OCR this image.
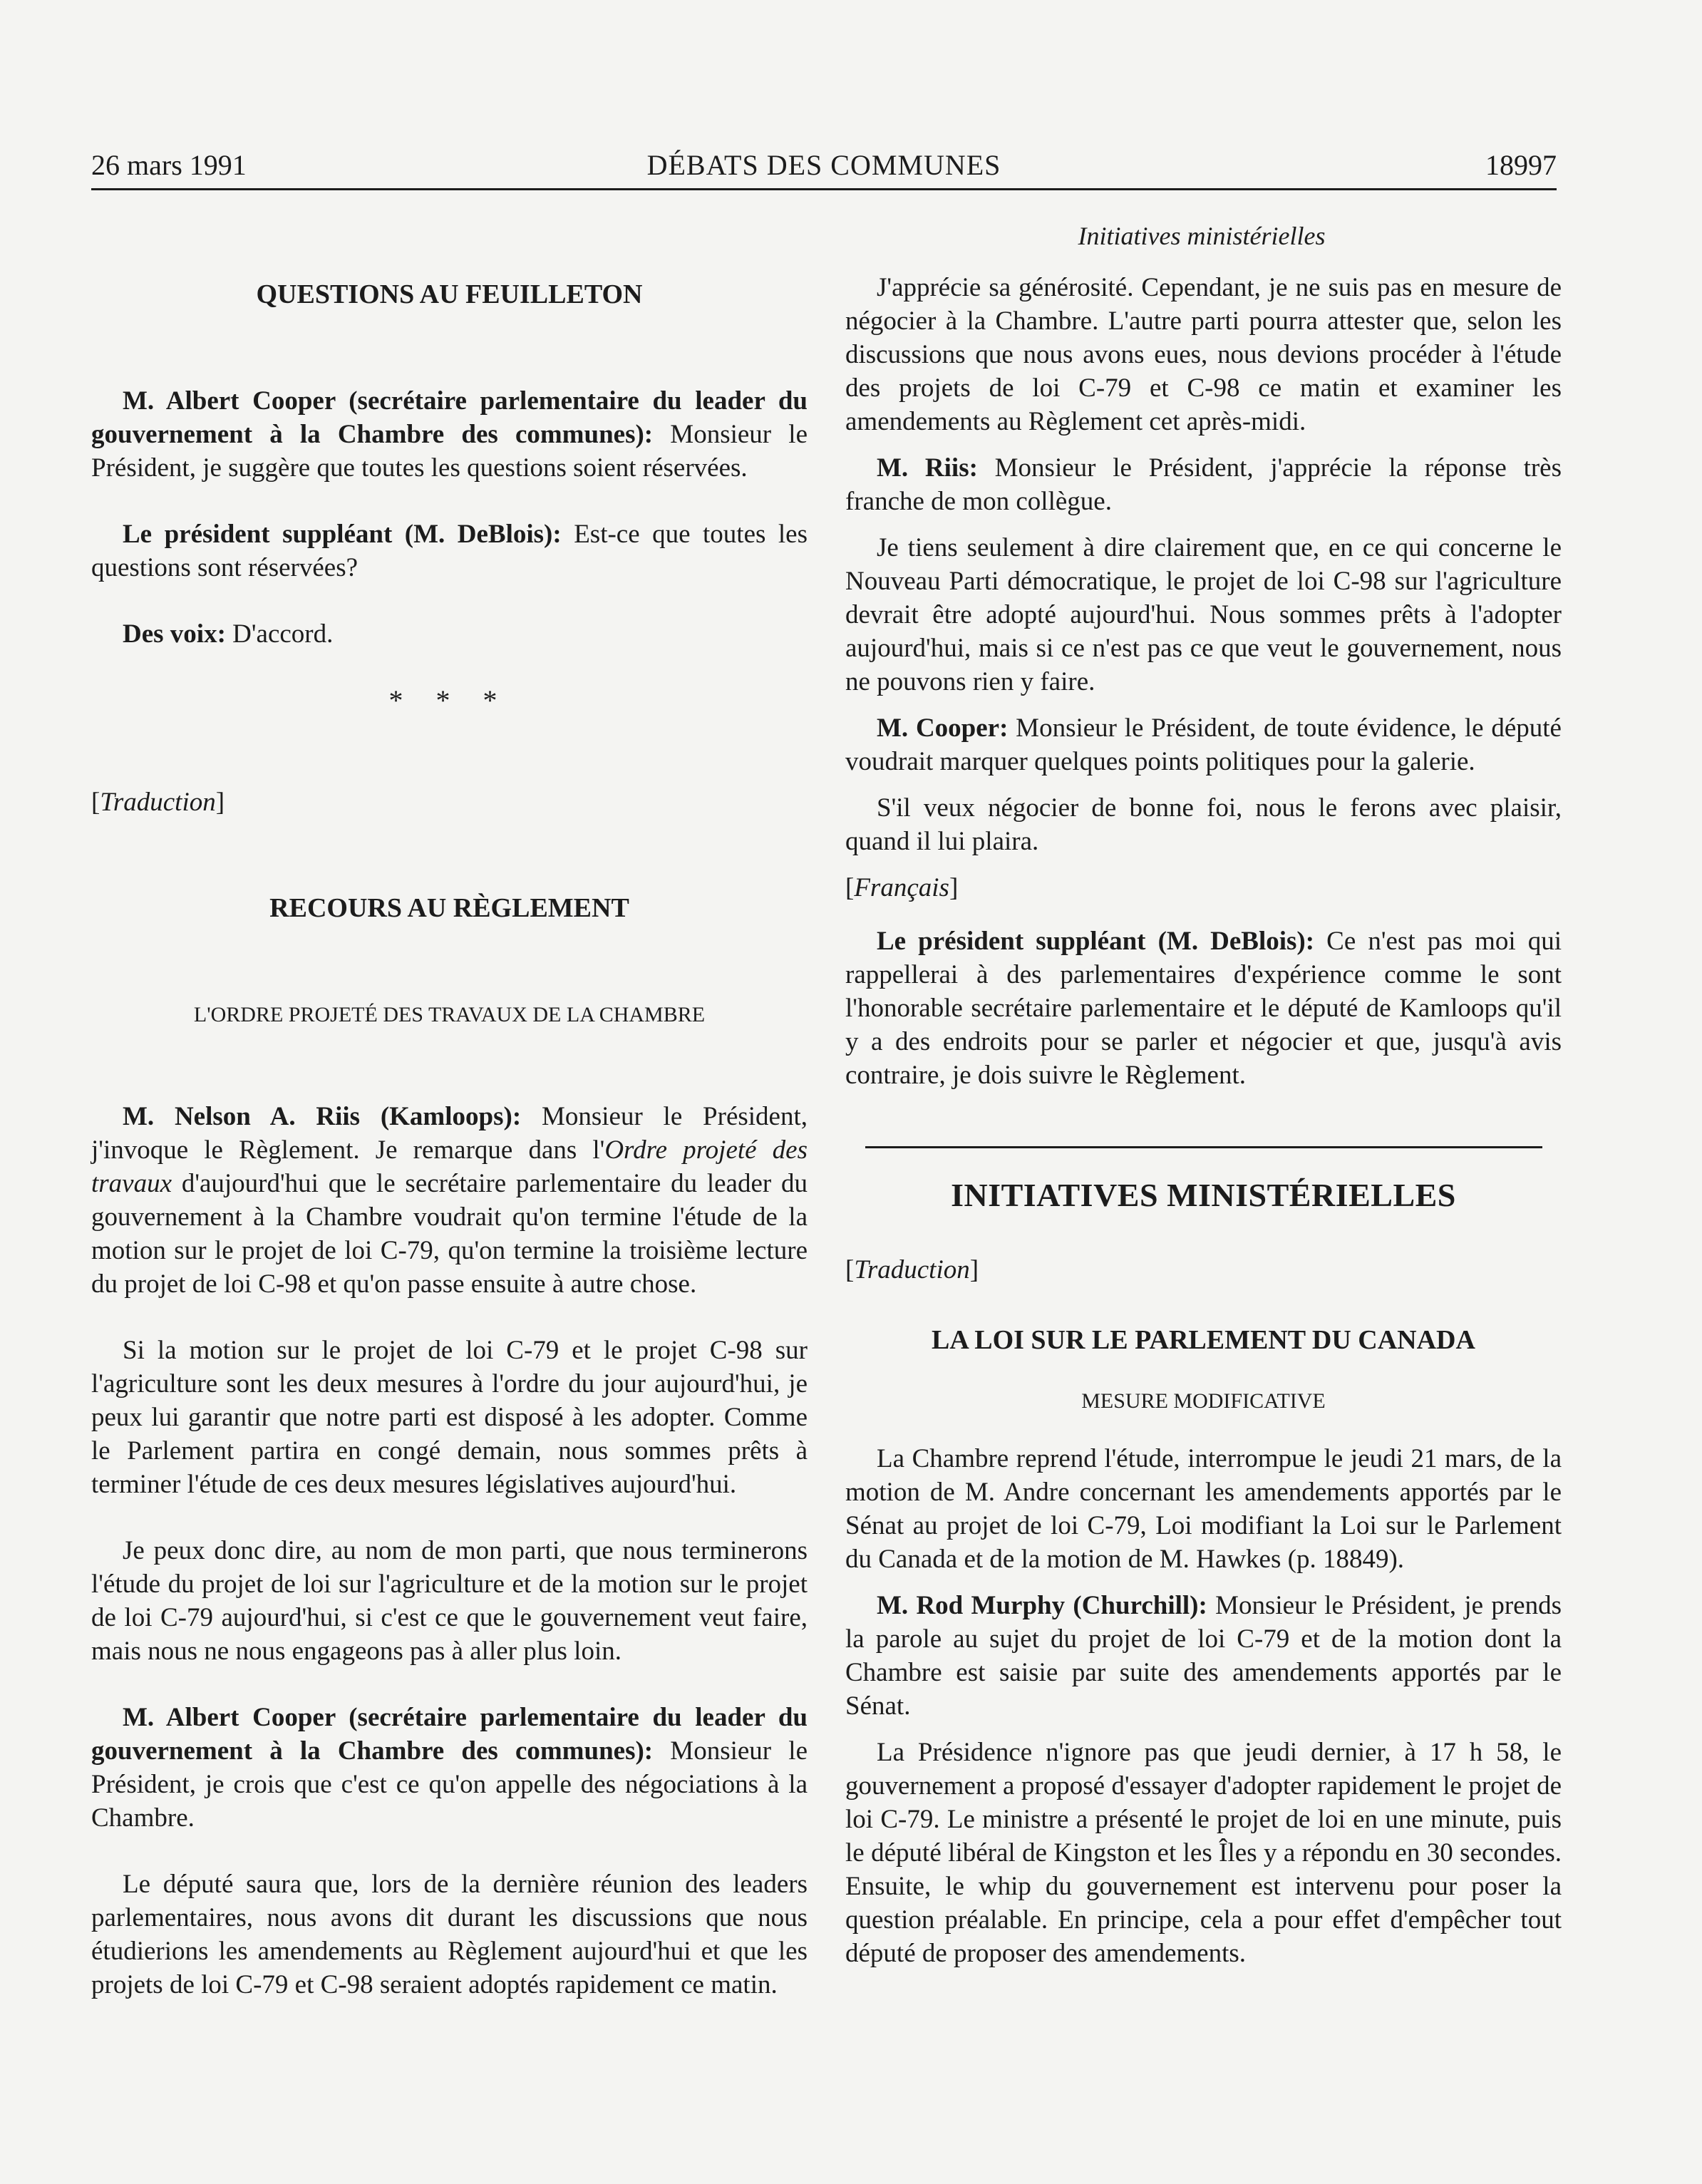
26 mars 1991	DÉBATS DES COMMUNES	18997
Initiatives ministérielles

QUESTIONS AU FEUILLETON

M. Albert Cooper (secrétaire parlementaire du leader du gouvernement à la Chambre des communes): Monsieur le Président, je suggère que toutes les questions soient réservées.

Le président suppléant (M. DeBlois): Est-ce que toutes les questions sont réservées?

Des voix: D'accord.

* * *

[Traduction]

RECOURS AU RÈGLEMENT

L'ORDRE PROJETÉ DES TRAVAUX DE LA CHAMBRE

M. Nelson A. Riis (Kamloops): Monsieur le Président, j'invoque le Règlement. Je remarque dans l'Ordre projeté des travaux d'aujourd'hui que le secrétaire parlementaire du leader du gouvernement à la Chambre voudrait qu'on termine l'étude de la motion sur le projet de loi C-79, qu'on termine la troisième lecture du projet de loi C-98 et qu'on passe ensuite à autre chose.

Si la motion sur le projet de loi C-79 et le projet C-98 sur l'agriculture sont les deux mesures à l'ordre du jour aujourd'hui, je peux lui garantir que notre parti est disposé à les adopter. Comme le Parlement partira en congé demain, nous sommes prêts à terminer l'étude de ces deux mesures législatives aujourd'hui.

Je peux donc dire, au nom de mon parti, que nous terminerons l'étude du projet de loi sur l'agriculture et de la motion sur le projet de loi C-79 aujourd'hui, si c'est ce que le gouvernement veut faire, mais nous ne nous engageons pas à aller plus loin.

M. Albert Cooper (secrétaire parlementaire du leader du gouvernement à la Chambre des communes): Monsieur le Président, je crois que c'est ce qu'on appelle des négociations à la Chambre.

Le député saura que, lors de la dernière réunion des leaders parlementaires, nous avons dit durant les discussions que nous étudierions les amendements au Règlement aujourd'hui et que les projets de loi C-79 et C-98 seraient adoptés rapidement ce matin.

J'apprécie sa générosité. Cependant, je ne suis pas en mesure de négocier à la Chambre. L'autre parti pourra attester que, selon les discussions que nous avons eues, nous devions procéder à l'étude des projets de loi C-79 et C-98 ce matin et examiner les amendements au Règlement cet après-midi.

M. Riis: Monsieur le Président, j'apprécie la réponse très franche de mon collègue.

Je tiens seulement à dire clairement que, en ce qui concerne le Nouveau Parti démocratique, le projet de loi C-98 sur l'agriculture devrait être adopté aujourd'hui. Nous sommes prêts à l'adopter aujourd'hui, mais si ce n'est pas ce que veut le gouvernement, nous ne pouvons rien y faire.

M. Cooper: Monsieur le Président, de toute évidence, le député voudrait marquer quelques points politiques pour la galerie.

S'il veux négocier de bonne foi, nous le ferons avec plaisir, quand il lui plaira.

[Français]

Le président suppléant (M. DeBlois): Ce n'est pas moi qui rappellerai à des parlementaires d'expérience comme le sont l'honorable secrétaire parlementaire et le député de Kamloops qu'il y a des endroits pour se parler et négocier et que, jusqu'à avis contraire, je dois suivre le Règlement.

INITIATIVES MINISTÉRIELLES

[Traduction]

LA LOI SUR LE PARLEMENT DU CANADA

MESURE MODIFICATIVE

La Chambre reprend l'étude, interrompue le jeudi 21 mars, de la motion de M. Andre concernant les amendements apportés par le Sénat au projet de loi C-79, Loi modifiant la Loi sur le Parlement du Canada et de la motion de M. Hawkes (p. 18849).

M. Rod Murphy (Churchill): Monsieur le Président, je prends la parole au sujet du projet de loi C-79 et de la motion dont la Chambre est saisie par suite des amendements apportés par le Sénat.

La Présidence n'ignore pas que jeudi dernier, à 17 h 58, le gouvernement a proposé d'essayer d'adopter rapidement le projet de loi C-79. Le ministre a présenté le projet de loi en une minute, puis le député libéral de Kingston et les Îles y a répondu en 30 secondes. Ensuite, le whip du gouvernement est intervenu pour poser la question préalable. En principe, cela a pour effet d'empêcher tout député de proposer des amendements.
